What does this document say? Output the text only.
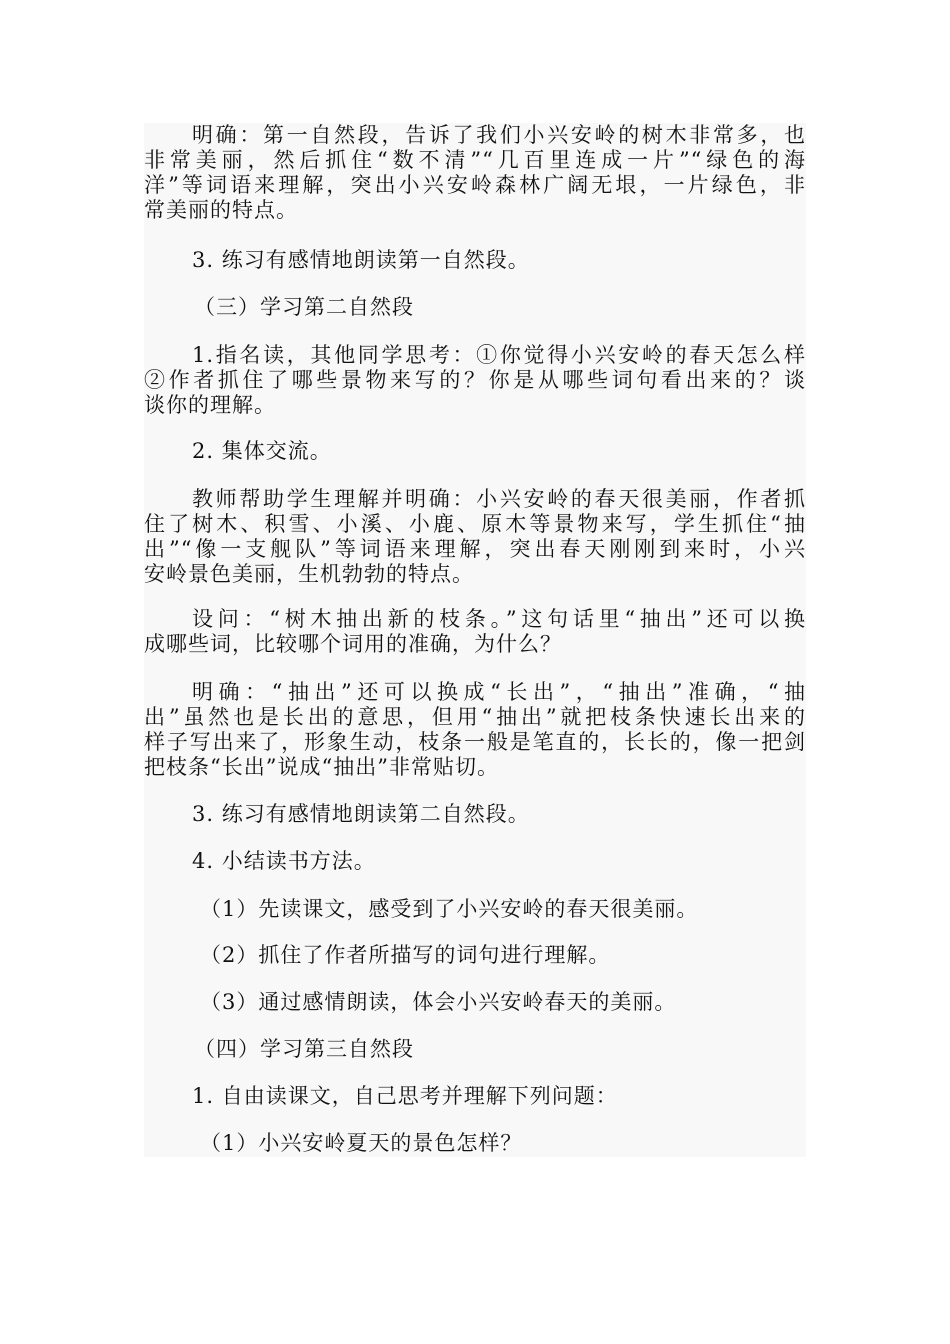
明确：第一自然段，告诉了我们小兴安岭的树木非常多，也
非常美丽，然后抓住“数不清”“几百里连成一片”“绿色的海
洋”等词语来理解，突出小兴安岭森林广阔无垠，一片绿色，非
常美丽的特点。
3. 练习有感情地朗读第一自然段。
（三）学习第二自然段
1.指名读，其他同学思考：①你觉得小兴安岭的春天怎么样
②作者抓住了哪些景物来写的？你是从哪些词句看出来的？谈
谈你的理解。
2. 集体交流。
教师帮助学生理解并明确：小兴安岭的春天很美丽，作者抓
住了树木、积雪、小溪、小鹿、原木等景物来写，学生抓住“抽
出”“像一支舰队”等词语来理解，突出春天刚刚到来时，小兴
安岭景色美丽，生机勃勃的特点。
设问：“树木抽出新的枝条。”这句话里“抽出”还可以换
成哪些词，比较哪个词用的准确，为什么？
明确：“抽出”还可以换成“长出”，“抽出”准确，“抽
出”虽然也是长出的意思，但用“抽出”就把枝条快速长出来的
样子写出来了，形象生动，枝条一般是笔直的，长长的，像一把剑
把枝条“长出”说成“抽出”非常贴切。
3. 练习有感情地朗读第二自然段。
4. 小结读书方法。
（1）先读课文，感受到了小兴安岭的春天很美丽。
（2）抓住了作者所描写的词句进行理解。
（3）通过感情朗读，体会小兴安岭春天的美丽。
（四）学习第三自然段
1. 自由读课文，自己思考并理解下列问题：
（1）小兴安岭夏天的景色怎样？
